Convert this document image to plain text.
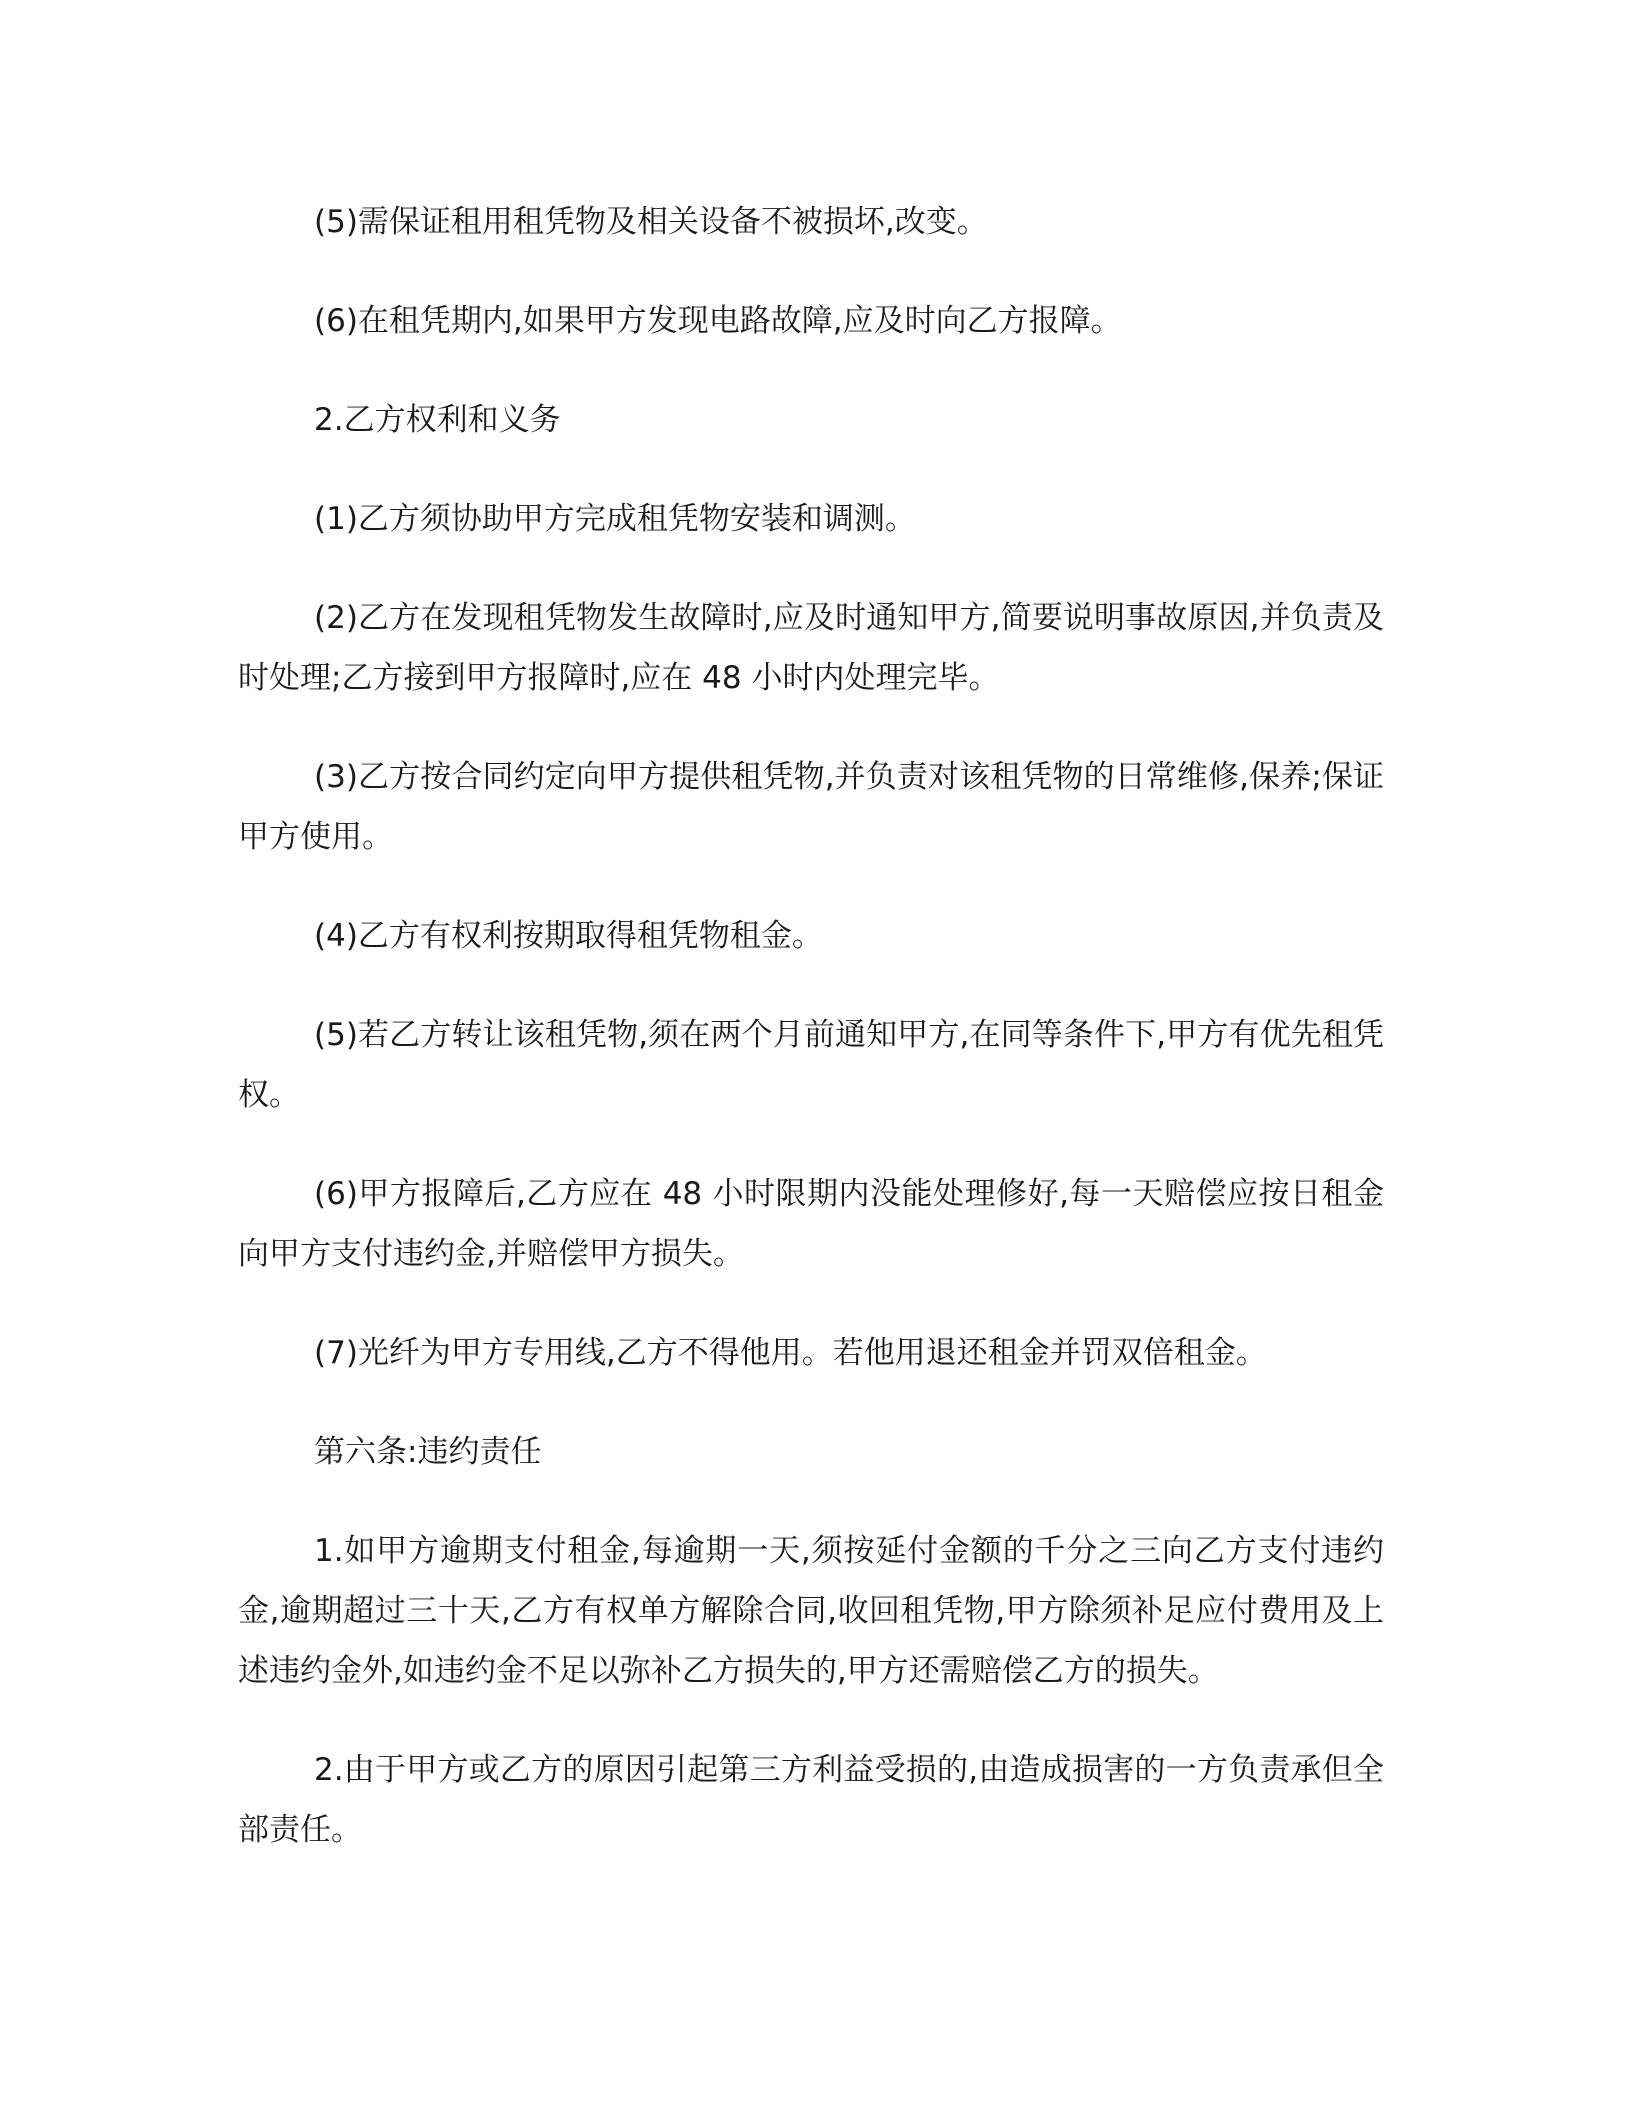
(5)需保证租用租凭物及相关设备不被损坏,改变。

(6)在租凭期内,如果甲方发现电路故障,应及时向乙方报障。

2.乙方权利和义务

(1)乙方须协助甲方完成租凭物安装和调测。

(2)乙方在发现租凭物发生故障时,应及时通知甲方,简要说明事故原因,并负责及时处理;乙方接到甲方报障时,应在 48 小时内处理完毕。

(3)乙方按合同约定向甲方提供租凭物,并负责对该租凭物的日常维修,保养;保证甲方使用。

(4)乙方有权利按期取得租凭物租金。

(5)若乙方转让该租凭物,须在两个月前通知甲方,在同等条件下,甲方有优先租凭权。

(6)甲方报障后,乙方应在 48 小时限期内没能处理修好,每一天赔偿应按日租金向甲方支付违约金,并赔偿甲方损失。

(7)光纤为甲方专用线,乙方不得他用。若他用退还租金并罚双倍租金。

第六条:违约责任

1.如甲方逾期支付租金,每逾期一天,须按延付金额的千分之三向乙方支付违约金,逾期超过三十天,乙方有权单方解除合同,收回租凭物,甲方除须补足应付费用及上述违约金外,如违约金不足以弥补乙方损失的,甲方还需赔偿乙方的损失。

2.由于甲方或乙方的原因引起第三方利益受损的,由造成损害的一方负责承但全部责任。
